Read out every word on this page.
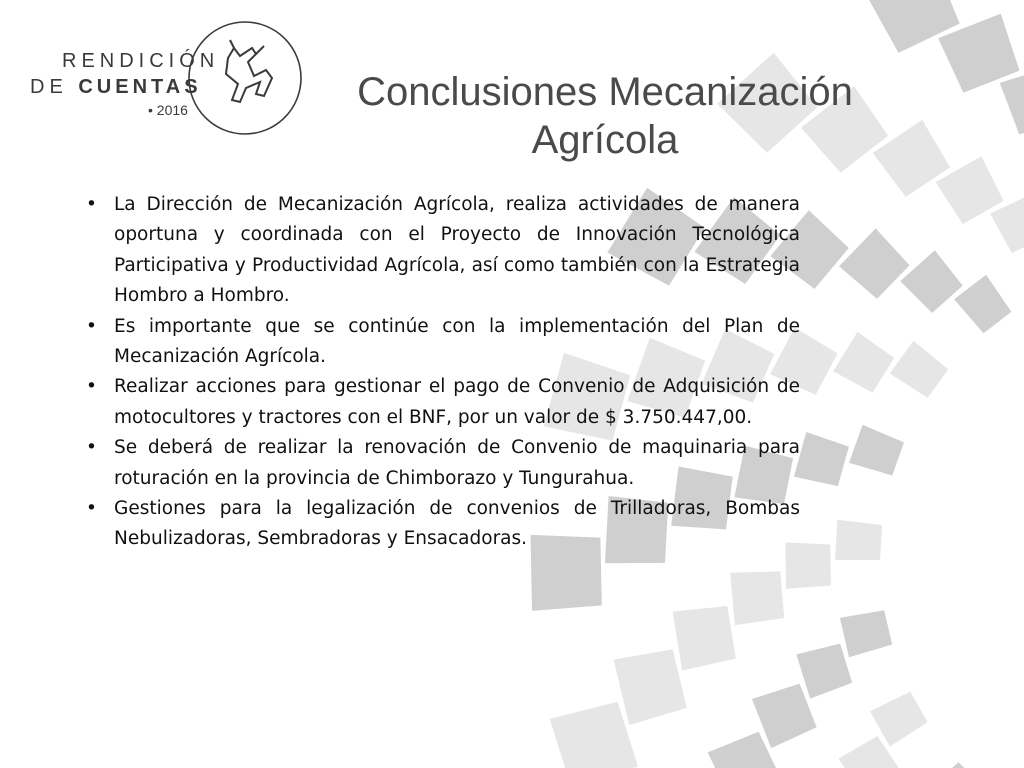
RENDICIÓN
DE CUENTAS
• 2016	Conclusiones Mecanización
Agrícola
• La Dirección de Mecanización Agrícola, realiza actividades de manera oportuna y coordinada con el Proyecto de Innovación Tecnológica Participativa y Productividad Agrícola, así como también con la Estrategia Hombro a Hombro.
• Es importante que se continúe con la implementación del Plan de Mecanización Agrícola.
• Realizar acciones para gestionar el pago de Convenio de Adquisición de motocultores y tractores con el BNF, por un valor de $ 3.750.447,00.
• Se deberá de realizar la renovación de Convenio de maquinaria para roturación en la provincia de Chimborazo y Tungurahua.
• Gestiones para la legalización de convenios de Trilladoras, Bombas Nebulizadoras, Sembradoras y Ensacadoras.
